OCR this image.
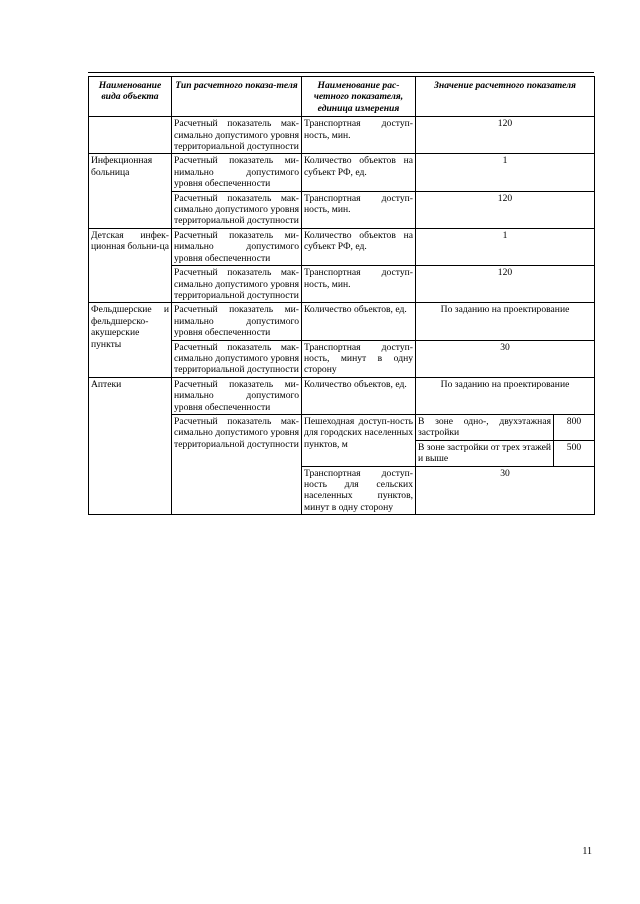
Наименование вида объекта	Тип расчетного показа-теля	Наименование рас-четного показателя, единица измерения	Значение расчетного показателя	
	Расчетный показатель мак-симально допустимого уровня территориальной доступности	Транспортная доступ-ность, мин.	120	
Инфекционная больница	Расчетный показатель ми-нимально допустимого уровня обеспеченности	Количество объектов на субъект РФ, ед.	1	
	Расчетный показатель мак-симально допустимого уровня территориальной доступности	Транспортная доступ-ность, мин.	120	
Детская инфек-ционная больни-ца	Расчетный показатель ми-нимально допустимого уровня обеспеченности	Количество объектов на субъект РФ, ед.	1	
	Расчетный показатель мак-симально допустимого уровня территориальной доступности	Транспортная доступ-ность, мин.	120	
Фельдшерские и фельдшерско-акушерские пункты	Расчетный показатель ми-нимально допустимого уровня обеспеченности	Количество объектов, ед.	По заданию на проектирование	
	Расчетный показатель мак-симально допустимого уровня территориальной доступности	Транспортная доступ-ность, минут в одну сторону	30	
Аптеки	Расчетный показатель ми-нимально допустимого уровня обеспеченности	Количество объектов, ед.	По заданию на проектирование	
	Расчетный показатель мак-симально допустимого уровня территориальной доступности	Пешеходная доступ-ность для городских населенных пунктов, м	В зоне одно-, двухэтажная застройки	800
			В зоне застройки от трех этажей и выше	500
		Транспортная доступ-ность для сельских населенных пунктов, минут в одну сторону	30	
11
